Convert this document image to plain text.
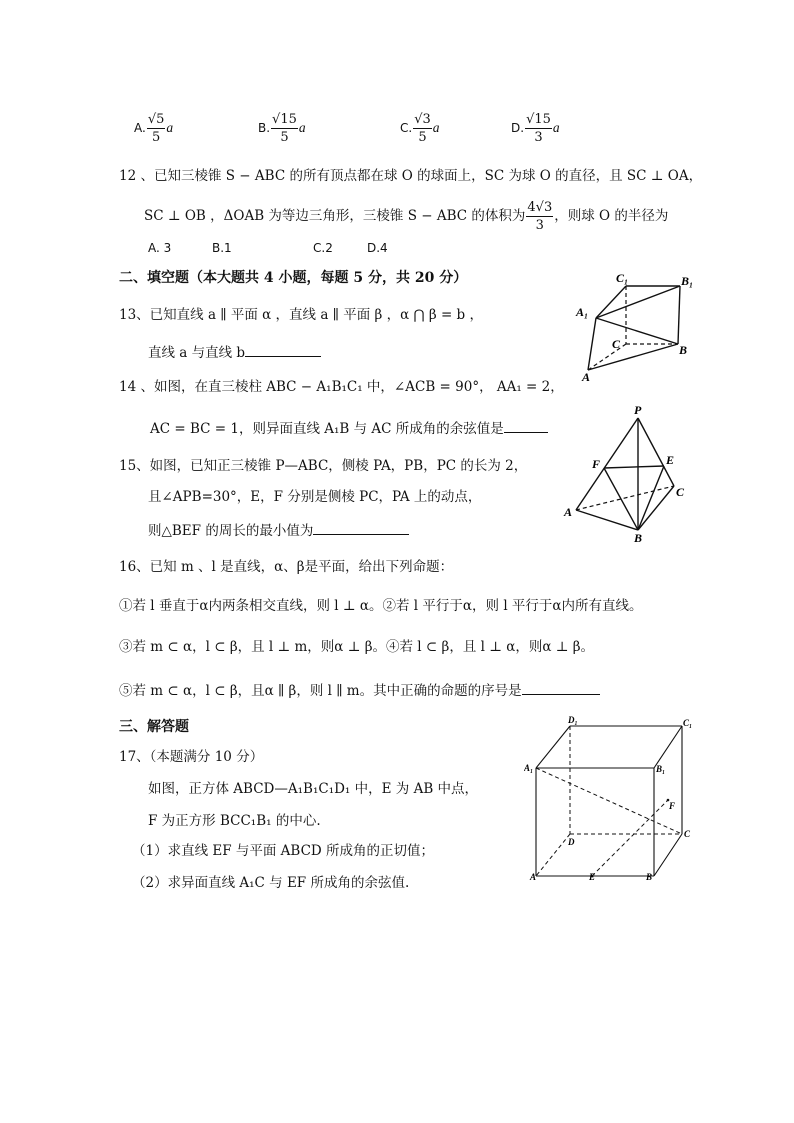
A. $\frac{√5}{5}$ a	B. $\frac{√15}{5}$ a	C. $\frac{√3}{5}$ a	D. $\frac{√15}{3}$ a
12 、已知三棱锥 S − ABC 的所有顶点都在球 O 的球面上，SC 为球 O 的直径，且 SC ⊥ OA，
SC ⊥ OB ，ΔOAB 为等边三角形，三棱锥 S − ABC 的体积为 $\frac{4√3}{3}$ ，则球 O 的半径为
A. 3	B.1	C.2	D.4
二、填空题（本大题共 4 小题，每题 5 分，共 20 分）
13、已知直线 a ∥ 平面 α ，直线 a ∥ 平面 β ，α ⋂ β = b ，
直线 a 与直线 b
14 、如图，在直三棱柱 ABC − A₁B₁C₁ 中，∠ACB = 90°， AA₁ = 2，
AC = BC = 1，则异面直线 A₁B 与 AC 所成角的余弦值是
15、如图，已知正三棱锥 P—ABC，侧棱 PA，PB，PC 的长为 2，
且∠APB=30°，E，F 分别是侧棱 PC，PA 上的动点，
则△BEF 的周长的最小值为
16、已知 m 、l 是直线，α、β是平面，给出下列命题：
①若 l 垂直于α内两条相交直线，则 l ⊥ α。②若 l 平行于α，则 l 平行于α内所有直线。
③若 m ⊂ α，l ⊂ β，且 l ⊥ m，则α ⊥ β。④若 l ⊂ β，且 l ⊥ α，则α ⊥ β。
⑤若 m ⊂ α，l ⊂ β，且α ∥ β，则 l ∥ m。其中正确的命题的序号是
三、解答题
17、（本题满分 10 分）
如图，正方体 ABCD—A₁B₁C₁D₁ 中，E 为 AB 中点，
F 为正方形 BCC₁B₁ 的中心.
（1）求直线 EF 与平面 ABCD 所成角的正切值；
（2）求异面直线 A₁C 与 EF 所成角的余弦值.
C₁	B₁
A₁
C	B
A
P
F	E
C
A
B
D₁	C₁
A₁	B₁
F
D
C
A	E	B
